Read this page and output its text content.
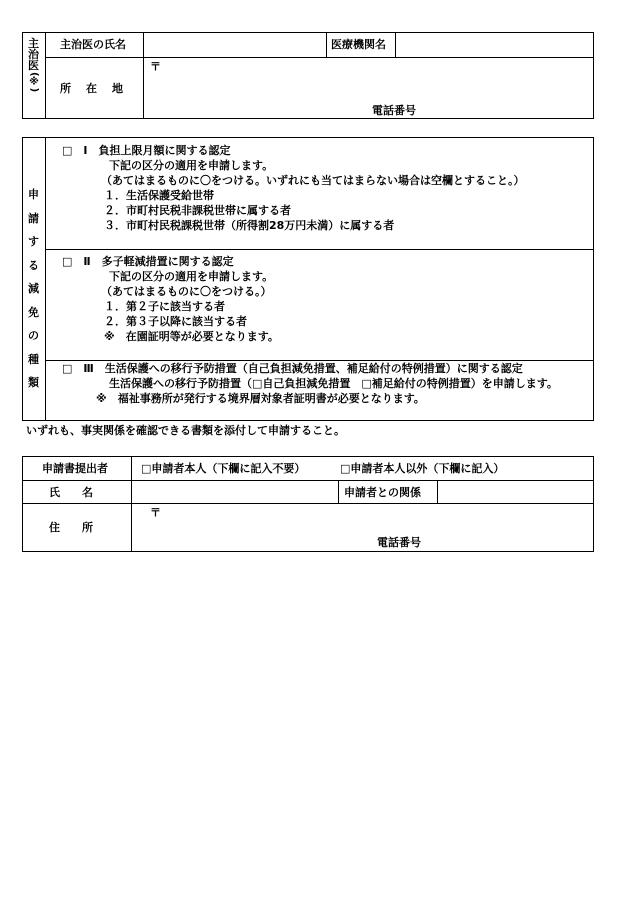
主
治
医
(※)
主治医の氏名	医療機関名
所　在　地
〒
電話番号
申
請
す
る
減
免
の
種
類
□　Ⅰ　負担上限月額に関する認定
下記の区分の適用を申請します。
（あてはまるものに〇をつける。いずれにも当てはまらない場合は空欄とすること。）
１．生活保護受給世帯
２．市町村民税非課税世帯に属する者
３．市町村民税課税世帯（所得割28万円未満）に属する者
□　Ⅱ　多子軽減措置に関する認定
下記の区分の適用を申請します。
（あてはまるものに〇をつける。）
１．第２子に該当する者
２．第３子以降に該当する者
※　在園証明等が必要となります。
□　Ⅲ　生活保護への移行予防措置（自己負担減免措置、補足給付の特例措置）に関する認定
生活保護への移行予防措置（□自己負担減免措置　□補足給付の特例措置）を申請します。
※　福祉事務所が発行する境界層対象者証明書が必要となります。
いずれも、事実関係を確認できる書類を添付して申請すること。
申請書提出者	□申請者本人（下欄に記入不要）	□申請者本人以外（下欄に記入）
氏　　名	申請者との関係
住　　所
〒
電話番号
